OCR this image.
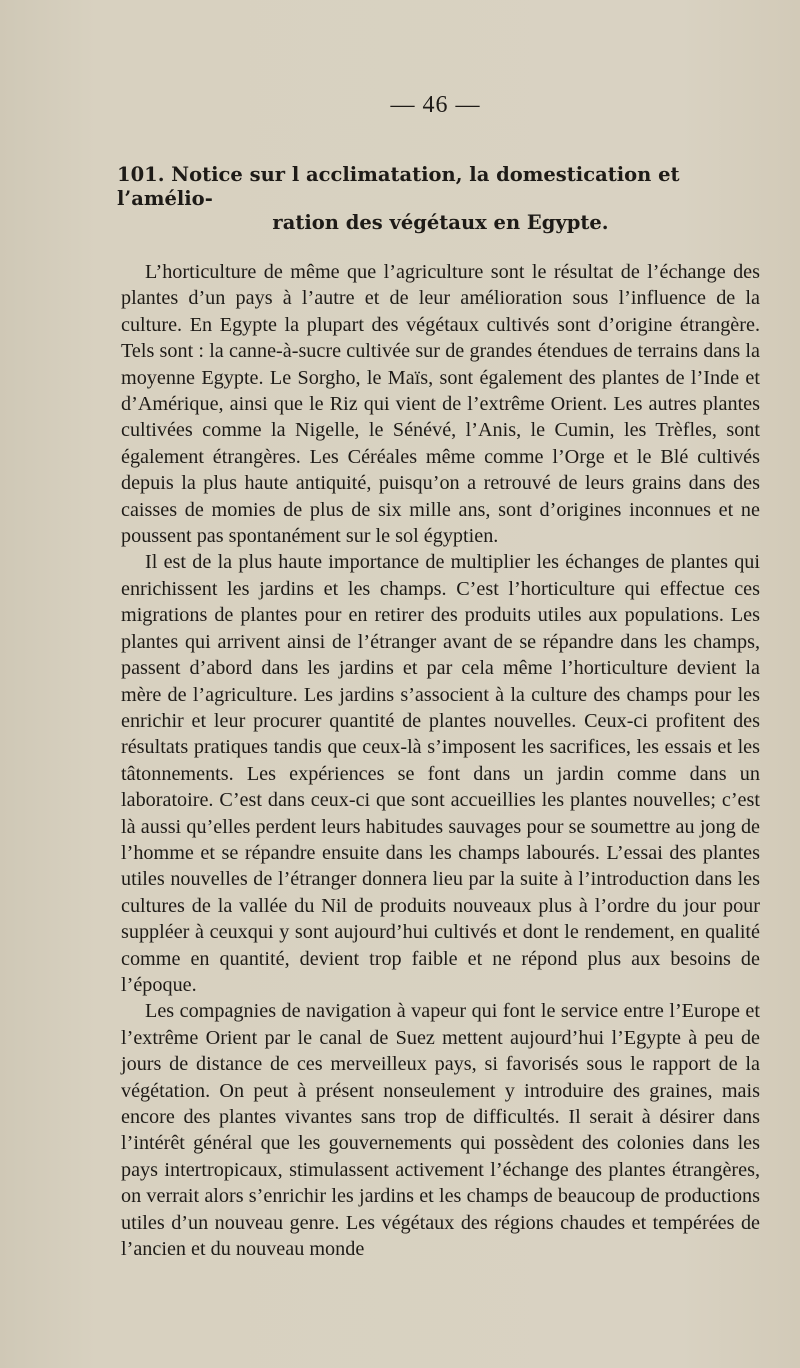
— 46 —
101. Notice sur l acclimatation, la domestication et l’amélio-
ration des végétaux en Egypte.

L’horticulture de même que l’agriculture sont le résultat de l’échange des plantes d’un pays à l’autre et de leur amélioration sous l’influence de la culture. En Egypte la plupart des végétaux cultivés sont d’origine étrangère. Tels sont : la canne-à-sucre cultivée sur de grandes étendues de terrains dans la moyenne Egypte. Le Sorgho, le Maïs, sont également des plantes de l’Inde et d’Amérique, ainsi que le Riz qui vient de l’extrême Orient. Les autres plantes cultivées comme la Nigelle, le Sénévé, l’Anis, le Cumin, les Trèfles, sont également étrangères. Les Céréales même comme l’Orge et le Blé cultivés depuis la plus haute antiquité, puisqu’on a retrouvé de leurs grains dans des caisses de momies de plus de six mille ans, sont d’origines inconnues et ne poussent pas spontanément sur le sol égyptien.

Il est de la plus haute importance de multiplier les échanges de plantes qui enrichissent les jardins et les champs. C’est l’horticulture qui effectue ces migrations de plantes pour en retirer des produits utiles aux populations. Les plantes qui arrivent ainsi de l’étranger avant de se répandre dans les champs, passent d’abord dans les jardins et par cela même l’horticulture devient la mère de l’agriculture. Les jardins s’associent à la culture des champs pour les enrichir et leur procurer quantité de plantes nouvelles. Ceux-ci profitent des résultats pratiques tandis que ceux-là s’imposent les sacrifices, les essais et les tâtonnements. Les expériences se font dans un jardin comme dans un laboratoire. C’est dans ceux-ci que sont accueillies les plantes nouvelles; c’est là aussi qu’elles perdent leurs habitudes sauvages pour se soumettre au jong de l’homme et se répandre ensuite dans les champs labourés. L’essai des plantes utiles nouvelles de l’étranger donnera lieu par la suite à l’introduction dans les cultures de la vallée du Nil de produits nouveaux plus à l’ordre du jour pour suppléer à ceuxqui y sont aujourd’hui cultivés et dont le rendement, en qualité comme en quantité, devient trop faible et ne répond plus aux besoins de l’époque.

Les compagnies de navigation à vapeur qui font le service entre l’Europe et l’extrême Orient par le canal de Suez mettent aujourd’hui l’Egypte à peu de jours de distance de ces merveilleux pays, si favorisés sous le rapport de la végétation. On peut à présent nonseulement y introduire des graines, mais encore des plantes vivantes sans trop de difficultés. Il serait à désirer dans l’intérêt général que les gouvernements qui possèdent des colonies dans les pays intertropicaux, stimulassent activement l’échange des plantes étrangères, on verrait alors s’enrichir les jardins et les champs de beaucoup de productions utiles d’un nouveau genre. Les végétaux des régions chaudes et tempérées de l’ancien et du nouveau monde
